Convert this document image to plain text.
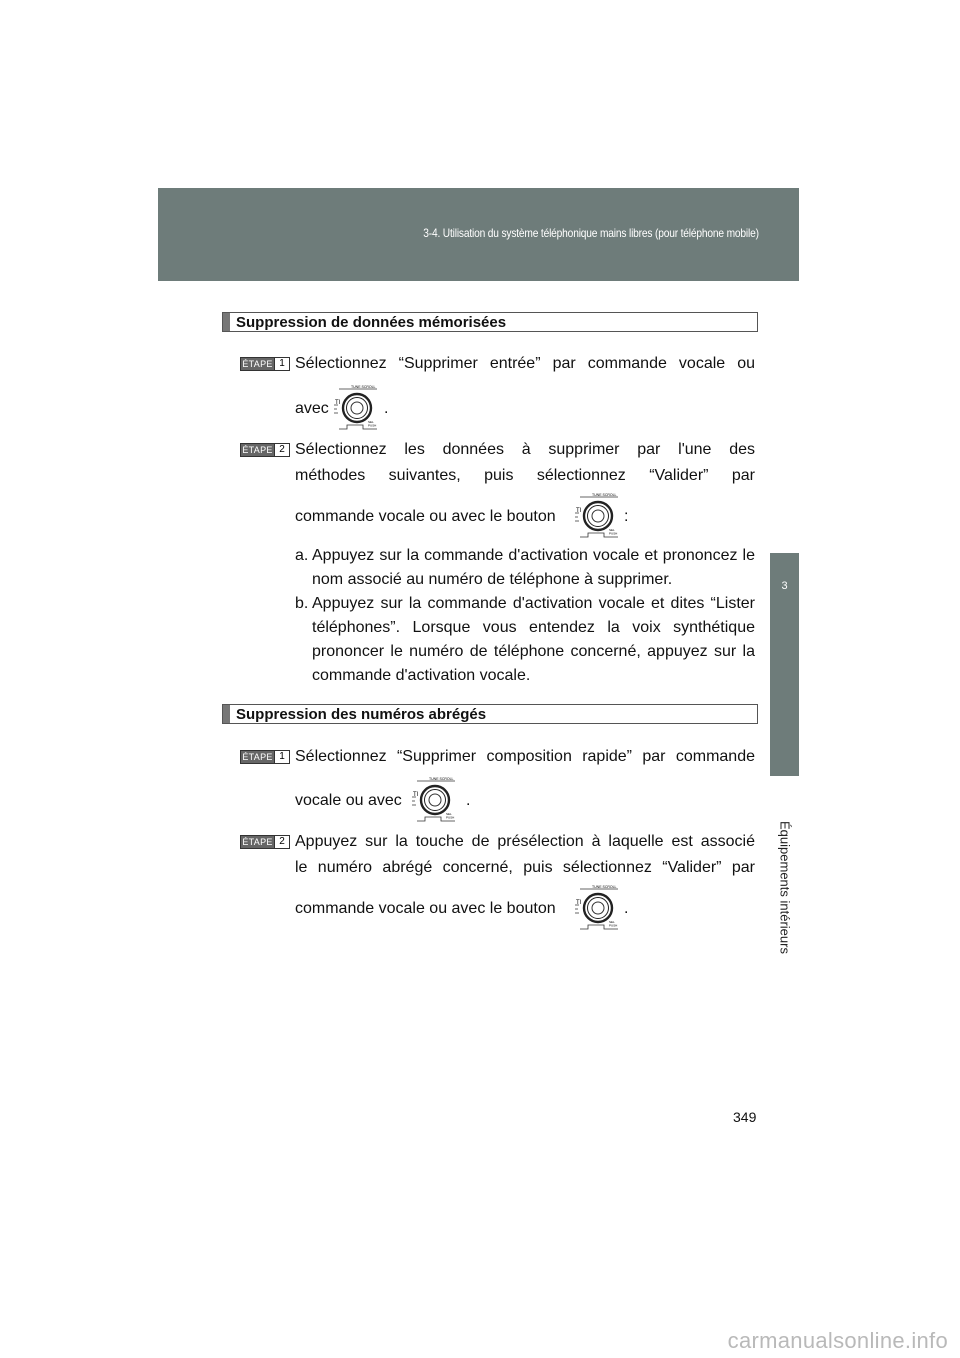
3-4. Utilisation du système téléphonique mains libres (pour téléphone mobile)
3
Équipements intérieurs
Suppression de données mémorisées
ÉTAPE 1 Sélectionnez “Supprimer entrée” par commande vocale ou
avec
TUNE SCROLL
TI
SEL
PUSH
.
ÉTAPE 2 Sélectionnez les données à supprimer par l'une des
méthodes suivantes, puis sélectionnez “Valider” par
commande vocale ou avec le bouton
TUNE SCROLL
TI
SEL
PUSH
:
a. Appuyez sur la commande d'activation vocale et prononcez le nom associé au numéro de téléphone à supprimer.
b. Appuyez sur la commande d'activation vocale et dites “Lister téléphones”. Lorsque vous entendez la voix synthétique prononcer le numéro de téléphone concerné, appuyez sur la commande d'activation vocale.
Suppression des numéros abrégés
ÉTAPE 1 Sélectionnez “Supprimer composition rapide” par commande
vocale ou avec
TUNE SCROLL
TI
SEL
PUSH
.
ÉTAPE 2 Appuyez sur la touche de présélection à laquelle est associé
le numéro abrégé concerné, puis sélectionnez “Valider” par
commande vocale ou avec le bouton
TUNE SCROLL
TI
SEL
PUSH
.
349
carmanualsonline.info
